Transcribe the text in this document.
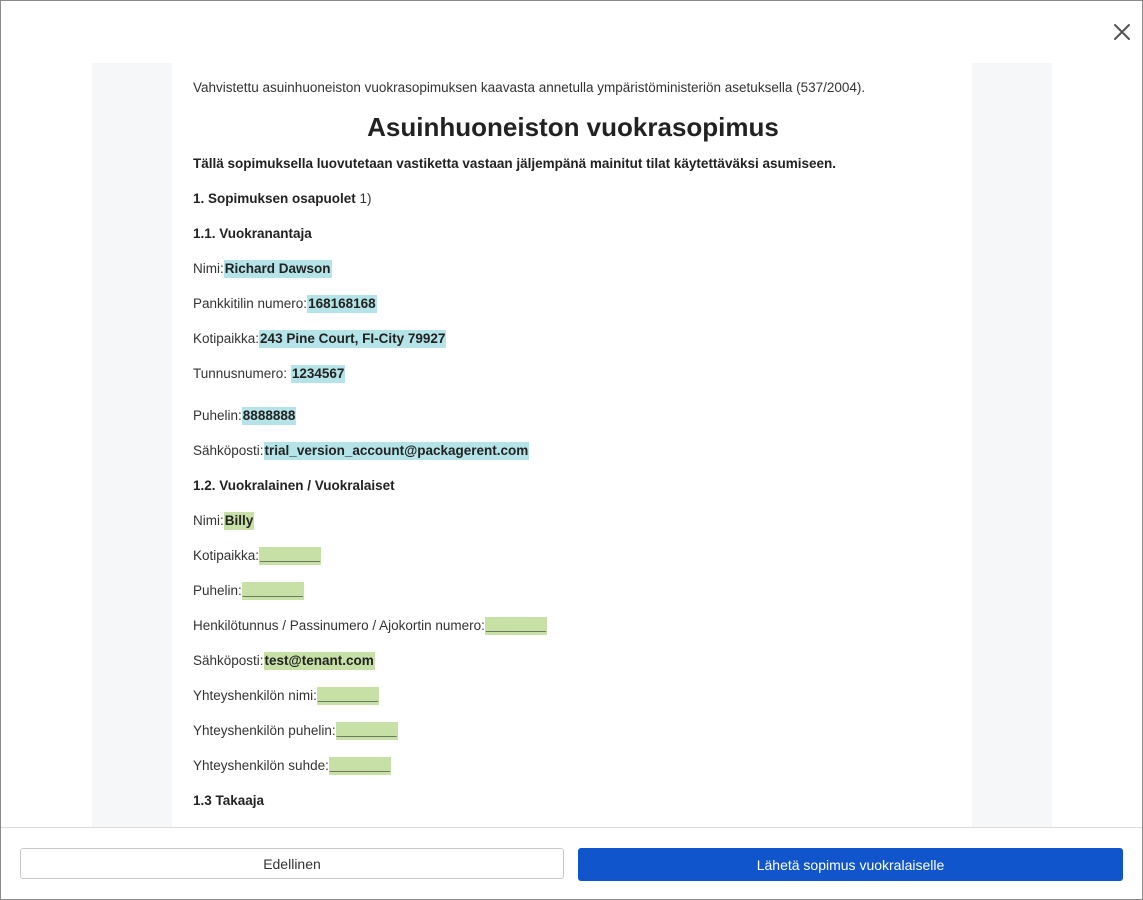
Vahvistettu asuinhuoneiston vuokrasopimuksen kaavasta annetulla ympäristöministeriön asetuksella (537/2004).
Asuinhuoneiston vuokrasopimus
Tällä sopimuksella luovutetaan vastiketta vastaan jäljempänä mainitut tilat käytettäväksi asumiseen.
1. Sopimuksen osapuolet 1)
1.1. Vuokranantaja
Nimi:Richard Dawson
Pankkitilin numero:168168168
Kotipaikka:243 Pine Court, FI-City 79927
Tunnusnumero: 1234567
Puhelin:8888888
Sähköposti:trial_version_account@packagerent.com
1.2. Vuokralainen / Vuokralaiset
Nimi:Billy
Kotipaikka:________
Puhelin:________
Henkilötunnus / Passinumero / Ajokortin numero:________
Sähköposti:test@tenant.com
Yhteyshenkilön nimi:________
Yhteyshenkilön puhelin:________
Yhteyshenkilön suhde:________
1.3 Takaaja
Edellinen	Lähetä sopimus vuokralaiselle
